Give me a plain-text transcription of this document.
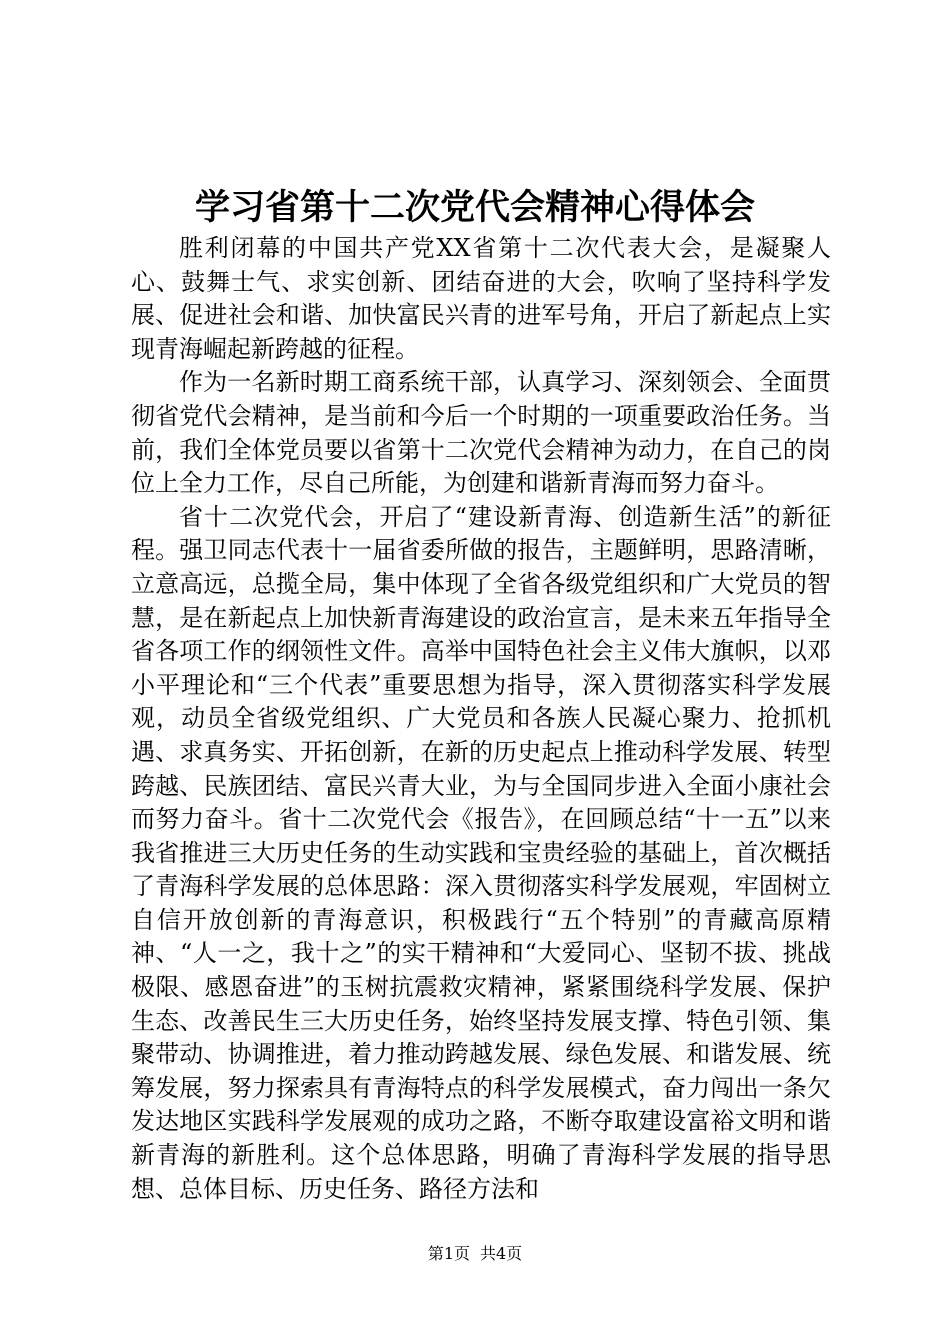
学习省第十二次党代会精神心得体会

胜利闭幕的中国共产党XX省第十二次代表大会，是凝聚人心、鼓舞士气、求实创新、团结奋进的大会，吹响了坚持科学发展、促进社会和谐、加快富民兴青的进军号角，开启了新起点上实现青海崛起新跨越的征程。

作为一名新时期工商系统干部，认真学习、深刻领会、全面贯彻省党代会精神，是当前和今后一个时期的一项重要政治任务。当前，我们全体党员要以省第十二次党代会精神为动力，在自己的岗位上全力工作，尽自己所能，为创建和谐新青海而努力奋斗。

省十二次党代会，开启了“建设新青海、创造新生活”的新征程。强卫同志代表十一届省委所做的报告，主题鲜明，思路清晰，立意高远，总揽全局，集中体现了全省各级党组织和广大党员的智慧，是在新起点上加快新青海建设的政治宣言，是未来五年指导全省各项工作的纲领性文件。高举中国特色社会主义伟大旗帜，以邓小平理论和“三个代表”重要思想为指导，深入贯彻落实科学发展观，动员全省级党组织、广大党员和各族人民凝心聚力、抢抓机遇、求真务实、开拓创新，在新的历史起点上推动科学发展、转型跨越、民族团结、富民兴青大业，为与全国同步进入全面小康社会而努力奋斗。省十二次党代会《报告》，在回顾总结“十一五”以来我省推进三大历史任务的生动实践和宝贵经验的基础上，首次概括了青海科学发展的总体思路：深入贯彻落实科学发展观，牢固树立自信开放创新的青海意识，积极践行“五个特别”的青藏高原精神、“人一之，我十之”的实干精神和“大爱同心、坚韧不拔、挑战极限、感恩奋进”的玉树抗震救灾精神，紧紧围绕科学发展、保护生态、改善民生三大历史任务，始终坚持发展支撑、特色引领、集聚带动、协调推进，着力推动跨越发展、绿色发展、和谐发展、统筹发展，努力探索具有青海特点的科学发展模式，奋力闯出一条欠发达地区实践科学发展观的成功之路，不断夺取建设富裕文明和谐新青海的新胜利。这个总体思路，明确了青海科学发展的指导思想、总体目标、历史任务、路径方法和

第1页 共4页
